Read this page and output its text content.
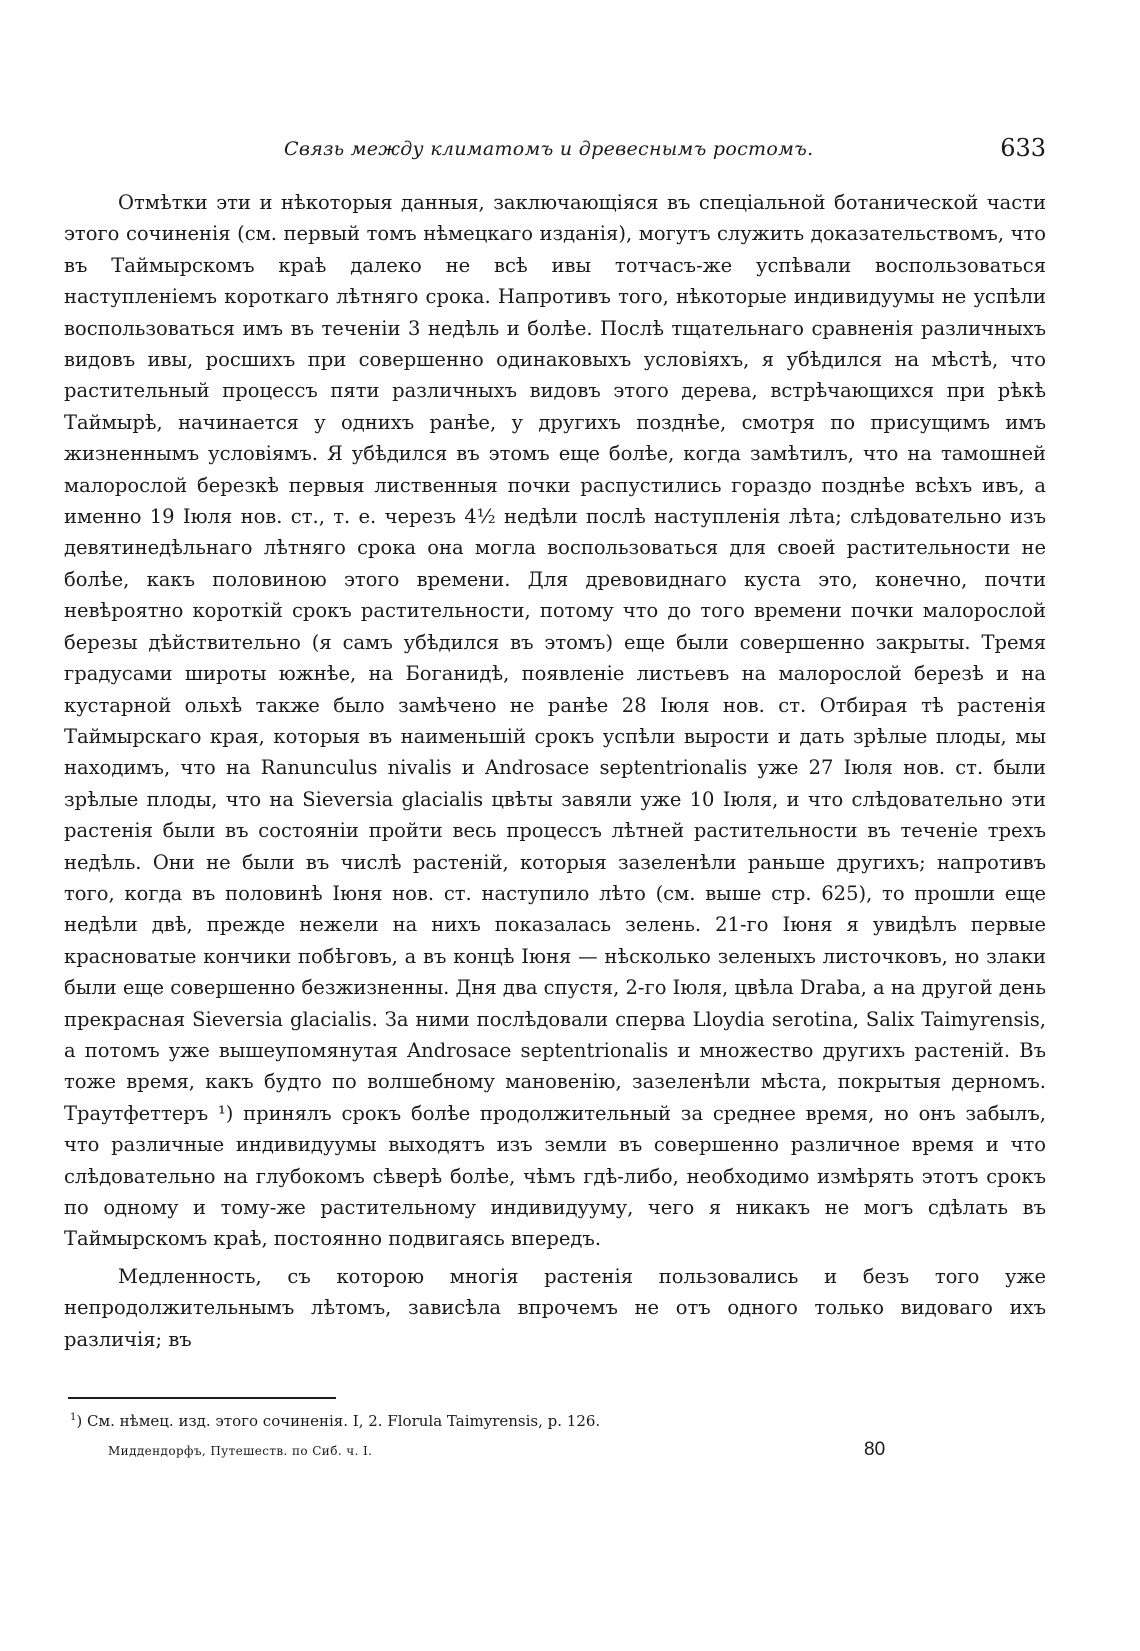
Связь между климатомъ и древеснымъ ростомъ.	633

Отмѣтки эти и нѣкоторыя данныя, заключающіяся въ спеціальной ботанической части этого сочиненія (см. первый томъ нѣмецкаго изданія), могутъ служить доказательствомъ, что въ Таймырскомъ краѣ далеко не всѣ ивы тотчасъ-же успѣвали воспользоваться наступленіемъ короткаго лѣтняго срока. Напротивъ того, нѣкоторые индивидуумы не успѣли воспользоваться имъ въ теченіи 3 недѣль и болѣе. Послѣ тщательнаго сравненія различныхъ видовъ ивы, росшихъ при совершенно одинаковыхъ условіяхъ, я убѣдился на мѣстѣ, что растительный процессъ пяти различныхъ видовъ этого дерева, встрѣчающихся при рѣкѣ Таймырѣ, начинается у однихъ ранѣе, у другихъ позднѣе, смотря по присущимъ имъ жизненнымъ условіямъ. Я убѣдился въ этомъ еще болѣе, когда замѣтилъ, что на тамошней малорослой березкѣ первыя лиственныя почки распустились гораздо позднѣе всѣхъ ивъ, а именно 19 Іюля нов. ст., т. е. черезъ 4½ недѣли послѣ наступленія лѣта; слѣдовательно изъ девятинедѣльнаго лѣтняго срока она могла воспользоваться для своей растительности не болѣе, какъ половиною этого времени. Для древовиднаго куста это, конечно, почти невѣроятно короткій срокъ растительности, потому что до того времени почки малорослой березы дѣйствительно (я самъ убѣдился въ этомъ) еще были совершенно закрыты. Тремя градусами широты южнѣе, на Боганидѣ, появленіе листьевъ на малорослой березѣ и на кустарной ольхѣ также было замѣчено не ранѣе 28 Іюля нов. ст. Отбирая тѣ растенія Таймырскаго края, которыя въ наименьшій срокъ успѣли вырости и дать зрѣлые плоды, мы находимъ, что на Ranunculus nivalis и Androsace septentrionalis уже 27 Іюля нов. ст. были зрѣлые плоды, что на Sieversia glacialis цвѣты завяли уже 10 Іюля, и что слѣдовательно эти растенія были въ состояніи пройти весь процессъ лѣтней растительности въ теченіе трехъ недѣль. Они не были въ числѣ растеній, которыя зазеленѣли раньше другихъ; напротивъ того, когда въ половинѣ Іюня нов. ст. наступило лѣто (см. выше стр. 625), то прошли еще недѣли двѣ, прежде нежели на нихъ показалась зелень. 21-го Іюня я увидѣлъ первые красноватые кончики побѣговъ, а въ концѣ Іюня — нѣсколько зеленыхъ листочковъ, но злаки были еще совершенно безжизненны. Дня два спустя, 2-го Іюля, цвѣла Draba, а на другой день прекрасная Sieversia glacialis. За ними послѣдовали сперва Lloydia serotina, Salix Taimyrensis, а потомъ уже вышеупомянутая Androsace septentrionalis и множество другихъ растеній. Въ тоже время, какъ будто по волшебному мановенію, зазеленѣли мѣста, покрытыя дерномъ. Траутфеттеръ ¹) принялъ срокъ болѣе продолжительный за среднее время, но онъ забылъ, что различные индивидуумы выходятъ изъ земли въ совершенно различное время и что слѣдовательно на глубокомъ сѣверѣ болѣе, чѣмъ гдѣ-либо, необходимо измѣрять этотъ срокъ по одному и тому-же растительному индивидууму, чего я никакъ не могъ сдѣлать въ Таймырскомъ краѣ, постоянно подвигаясь впередъ.

Медленность, съ которою многія растенія пользовались и безъ того уже непродолжительнымъ лѣтомъ, зависѣла впрочемъ не отъ одного только видоваго ихъ различія; въ

$^1$) См. нѣмец. изд. этого сочиненія. I, 2. Florula Taimyrensis, p. 126.
Миддендорфъ, Путешеств. по Сиб. ч. I.	80
